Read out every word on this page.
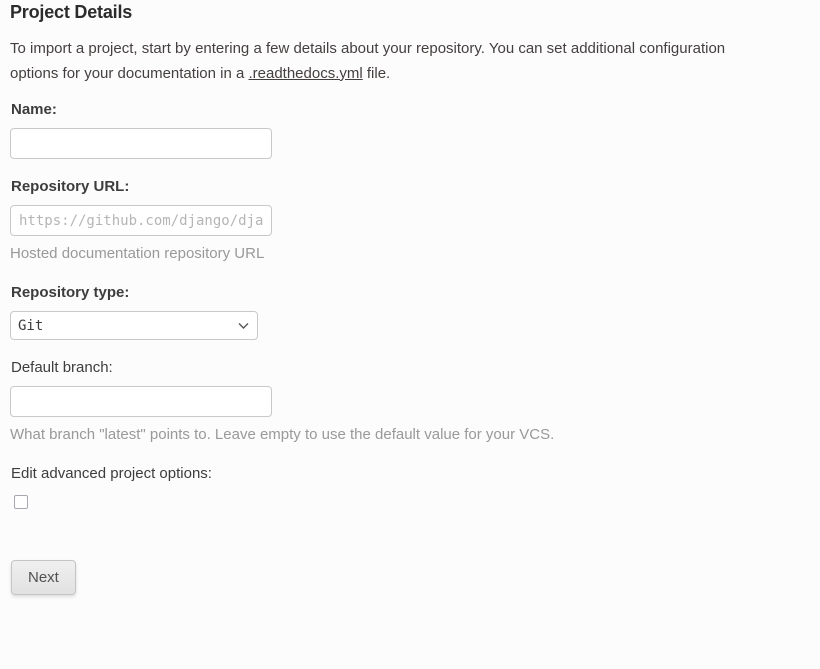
Project Details

To import a project, start by entering a few details about your repository. You can set additional configuration
options for your documentation in a .readthedocs.yml file.

Name:
Repository URL:
https://github.com/django/django
Hosted documentation repository URL
Repository type:
Git
Default branch:
What branch "latest" points to. Leave empty to use the default value for your VCS.
Edit advanced project options:
Next
